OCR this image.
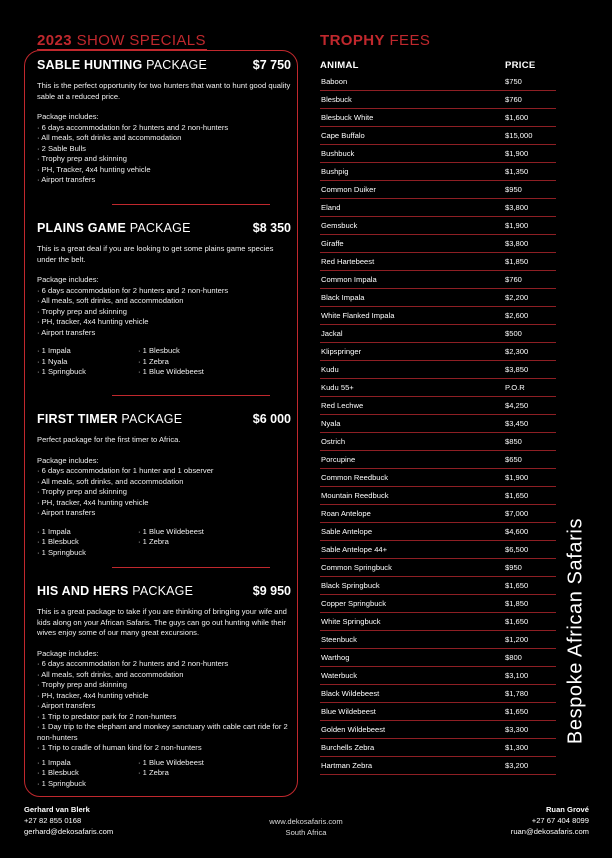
2023 SHOW SPECIALS
SABLE HUNTING PACKAGE	$7 750

This is the perfect opportunity for two hunters that want to hunt good quality sable at a reduced price.

Package includes:
· 6 days accommodation for 2 hunters and 2 non-hunters
· All meals, soft drinks and accommodation
· 2 Sable Bulls
· Trophy prep and skinning
· PH, Tracker, 4x4 hunting vehicle
· Airport transfers
PLAINS GAME PACKAGE	$8 350

This is a great deal if you are looking to get some plains game species under the belt.

Package includes:
· 6 days accommodation for 2 hunters and 2 non-hunters
· All meals, soft drinks, and accommodation
· Trophy prep and skinning
· PH, tracker, 4x4 hunting vehicle
· Airport transfers
· 1 Impala
· 1 Nyala
· 1 Springbuck
· 1 Blesbuck
· 1 Zebra
· 1 Blue Wildebeest
FIRST TIMER PACKAGE	$6 000

Perfect package for the first timer to Africa.

Package includes:
· 6 days accommodation for 1 hunter and 1 observer
· All meals, soft drinks, and accommodation
· Trophy prep and skinning
· PH, tracker, 4x4 hunting vehicle
· Airport transfers
· 1 Impala
· 1 Blesbuck
· 1 Springbuck
· 1 Blue Wildebeest
· 1 Zebra
HIS AND HERS PACKAGE	$9 950

This is a great package to take if you are thinking of bringing your wife and kids along on your African Safaris. The guys can go out hunting while their wives enjoy some of our many great excursions.

Package includes:
· 6 days accommodation for 2 hunters and 2 non-hunters
· All meals, soft drinks, and accommodation
· Trophy prep and skinning
· PH, tracker, 4x4 hunting vehicle
· Airport transfers
· 1 Trip to predator park for 2 non-hunters
· 1 Day trip to the elephant and monkey sanctuary with cable cart ride for 2 non-hunters
· 1 Trip to cradle of human kind for 2 non-hunters
· 1 Impala
· 1 Blesbuck
· 1 Springbuck
· 1 Blue Wildebeest
· 1 Zebra
TROPHY FEES
ANIMAL	PRICE
Baboon	$750
Blesbuck	$760
Blesbuck White	$1,600
Cape Buffalo	$15,000
Bushbuck	$1,900
Bushpig	$1,350
Common Duiker	$950
Eland	$3,800
Gemsbuck	$1,900
Giraffe	$3,800
Red Hartebeest	$1,850
Common Impala	$760
Black Impala	$2,200
White Flanked Impala	$2,600
Jackal	$500
Klipspringer	$2,300
Kudu	$3,850
Kudu 55+	P.O.R
Red Lechwe	$4,250
Nyala	$3,450
Ostrich	$850
Porcupine	$650
Common Reedbuck	$1,900
Mountain Reedbuck	$1,650
Roan Antelope	$7,000
Sable Antelope	$4,600
Sable Antelope 44+	$6,500
Common Springbuck	$950
Black Springbuck	$1,650
Copper Springbuck	$1,850
White Springbuck	$1,650
Steenbuck	$1,200
Warthog	$800
Waterbuck	$3,100
Black Wildebeest	$1,780
Blue Wildebeest	$1,650
Golden Wildebeest	$3,300
Burchells Zebra	$1,300
Hartman Zebra	$3,200
Bespoke African Safaris
Gerhard van Blerk
+27 82 855 0168
gerhard@dekosafaris.com
www.dekosafaris.com
South Africa
Ruan Grové
+27 67 404 8099
ruan@dekosafaris.com
